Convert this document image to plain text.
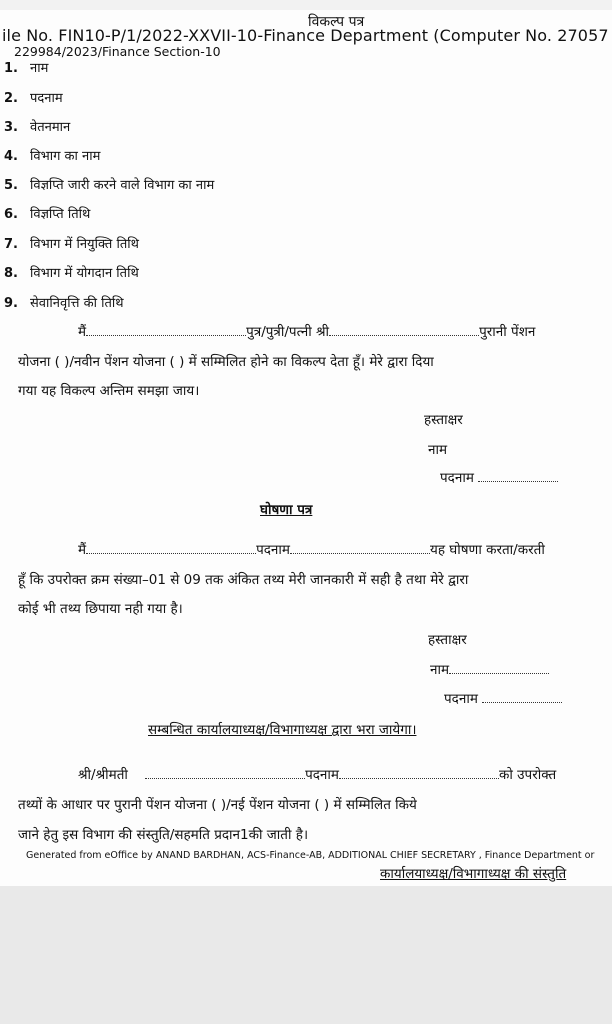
विकल्प पत्र
ile No. FIN10-P/1/2022-XXVII-10-Finance Department (Computer No. 27057
229984/2023/Finance Section-10
1. नाम
2. पदनाम
3. वेतनमान
4. विभाग का नाम
5. विज्ञप्ति जारी करने वाले विभाग का नाम
6. विज्ञप्ति तिथि
7. विभाग में नियुक्ति तिथि
8. विभाग में योगदान तिथि
9. सेवानिवृत्ति की तिथि
मैं	पुत्र/पुत्री/पत्नी श्री	पुरानी पेंशन
योजना ( )/नवीन पेंशन योजना ( ) में सम्मिलित होने का विकल्प देता हूँ। मेरे द्वारा दिया
गया यह विकल्प अन्तिम समझा जाय।
हस्ताक्षर
नाम
पदनाम
घोषणा पत्र
मैं	पदनाम	यह घोषणा करता/करती
हूँ कि उपरोक्त क्रम संख्या–01 से 09 तक अंकित तथ्य मेरी जानकारी में सही है तथा मेरे द्वारा
कोई भी तथ्य छिपाया नही गया है।
हस्ताक्षर
नाम
पदनाम
सम्बन्धित कार्यालयाध्यक्ष/विभागाध्यक्ष द्वारा भरा जायेगा।
श्री/श्रीमती	पदनाम	को उपरोक्त
तथ्यों के आधार पर पुरानी पेंशन योजना ( )/नई पेंशन योजना ( ) में सम्मिलित किये
जाने हेतु इस विभाग की संस्तुति/सहमति प्रदान1की जाती है।
Generated from eOffice by ANAND BARDHAN, ACS-Finance-AB, ADDITIONAL CHIEF SECRETARY , Finance Department or
कार्यालयाध्यक्ष/विभागाध्यक्ष की संस्तुति
